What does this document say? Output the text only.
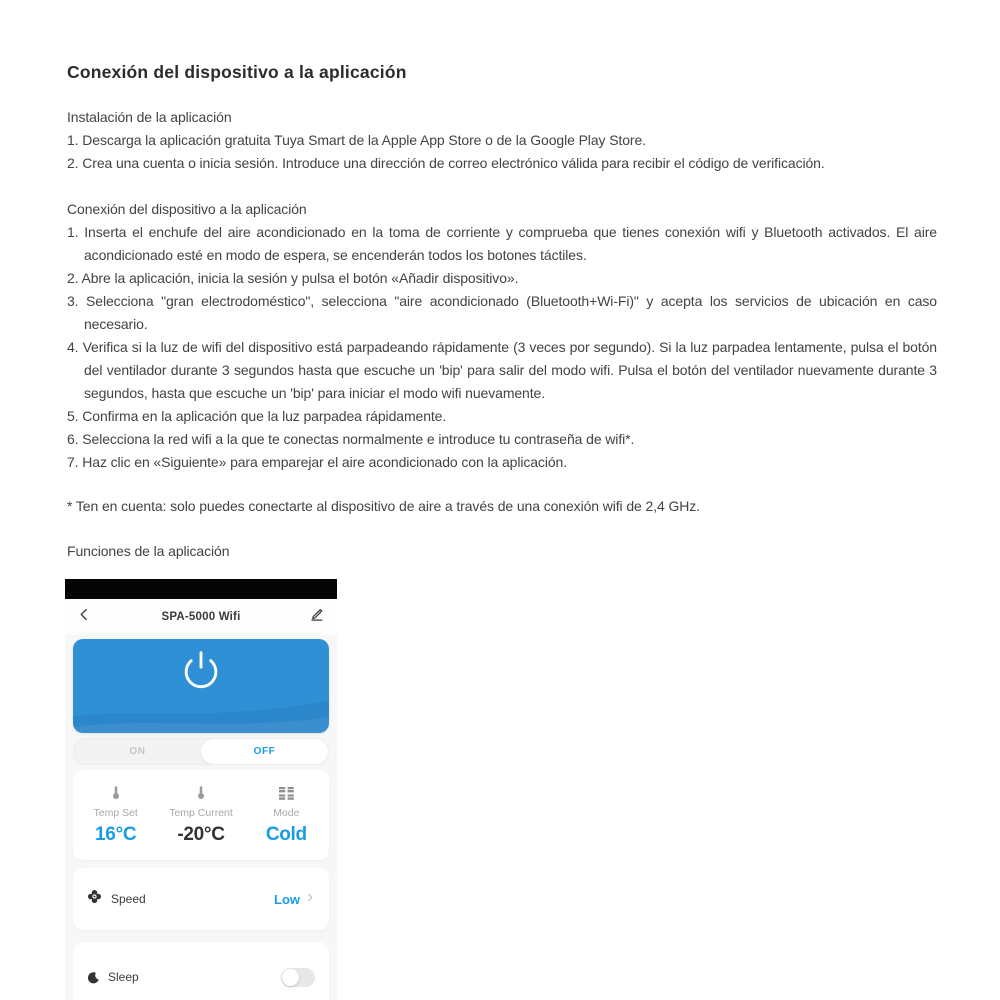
Conexión del dispositivo a la aplicación
Instalación de la aplicación
1. Descarga la aplicación gratuita Tuya Smart de la Apple App Store o de la Google Play Store.
2. Crea una cuenta o inicia sesión. Introduce una dirección de correo electrónico válida para recibir el código de verificación.
Conexión del dispositivo a la aplicación
1. Inserta el enchufe del aire acondicionado en la toma de corriente y comprueba que tienes conexión wifi y Bluetooth activados. El aire acondicionado esté en modo de espera, se encenderán todos los botones táctiles.
2. Abre la aplicación, inicia la sesión y pulsa el botón «Añadir dispositivo».
3. Selecciona "gran electrodoméstico", selecciona "aire acondicionado (Bluetooth+Wi-Fi)" y acepta los servicios de ubicación en caso necesario.
4. Verifica si la luz de wifi del dispositivo está parpadeando rápidamente (3 veces por segundo). Si la luz parpadea lentamente, pulsa el botón del ventilador durante 3 segundos hasta que escuche un 'bip' para salir del modo wifi. Pulsa el botón del ventilador nuevamente durante 3 segundos, hasta que escuche un 'bip' para iniciar el modo wifi nuevamente.
5. Confirma en la aplicación que la luz parpadea rápidamente.
6. Selecciona la red wifi a la que te conectas normalmente e introduce tu contraseña de wifi*.
7. Haz clic en «Siguiente» para emparejar el aire acondicionado con la aplicación.
* Ten en cuenta: solo puedes conectarte al dispositivo de aire a través de una conexión wifi de 2,4 GHz.
Funciones de la aplicación
SPA-5000 Wifi
ON	OFF
Temp Set
16°C
Temp Current
-20°C
Mode
Cold
Speed	Low
Sleep
